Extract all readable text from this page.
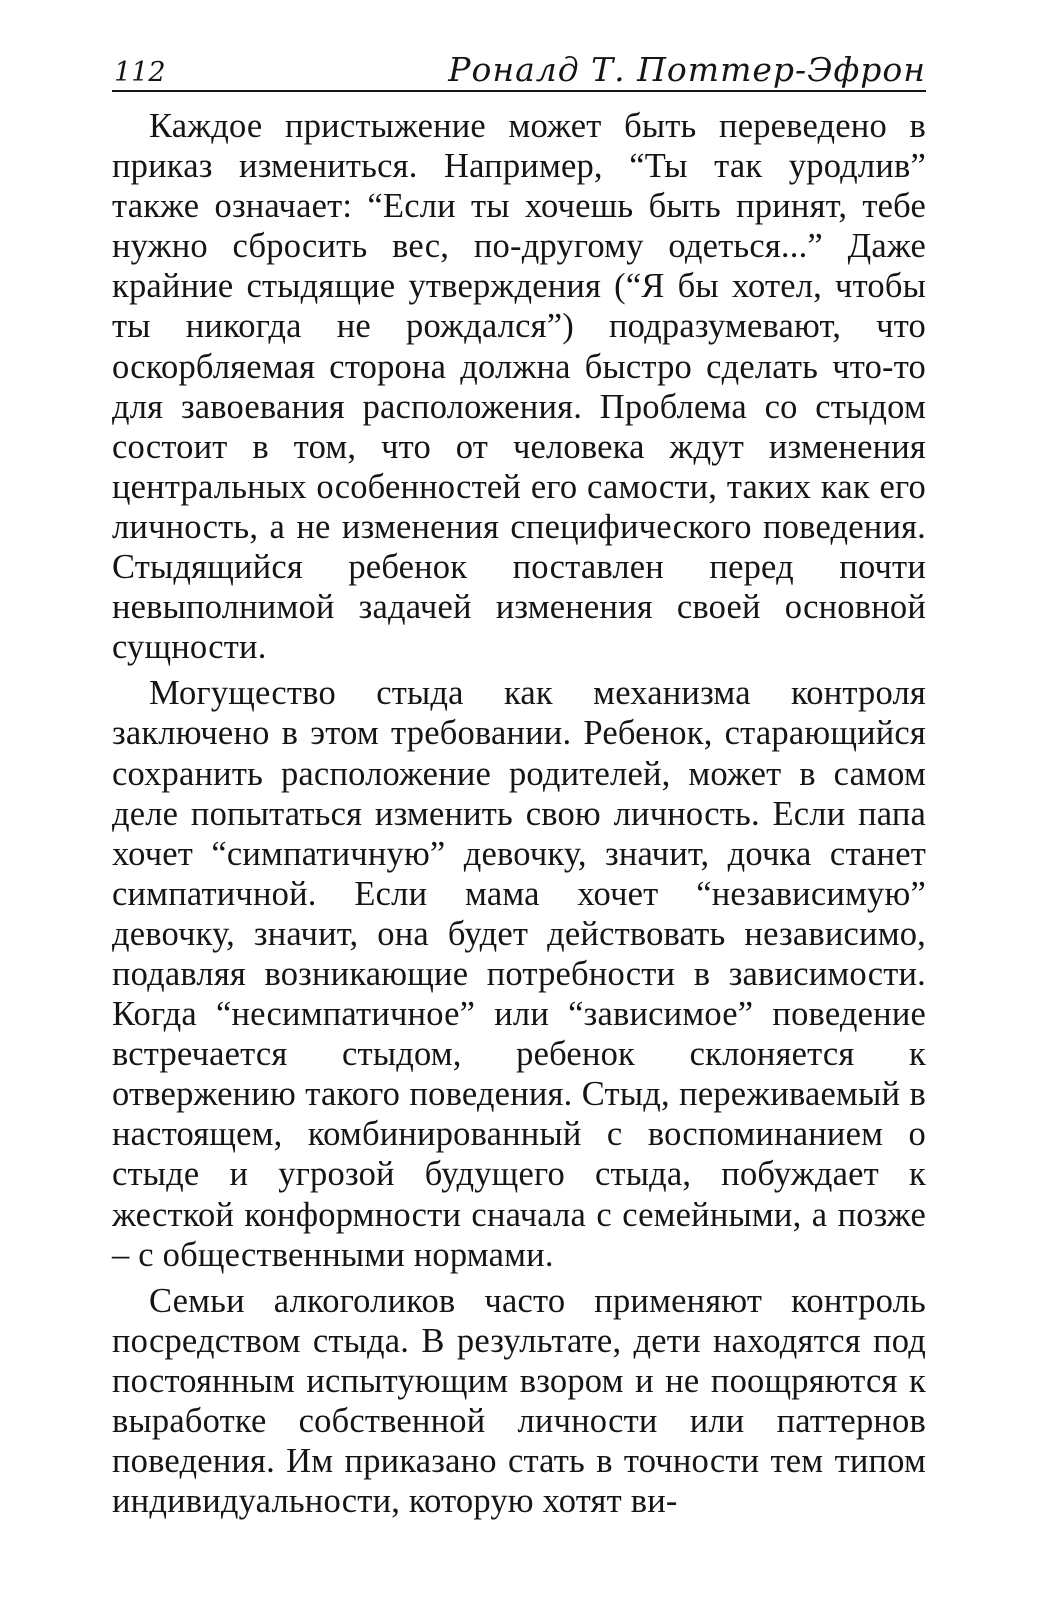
112	Роналд Т. Поттер-Эфрон

Каждое пристыжение может быть переведено в приказ измениться. Например, “Ты так уродлив” также означает: “Если ты хочешь быть принят, тебе нужно сбросить вес, по-другому одеться...” Даже крайние стыдящие утверждения (“Я бы хотел, чтобы ты никогда не рождался”) подразумевают, что оскорбляемая сторона должна быстро сделать что-то для завоевания расположения. Проблема со стыдом состоит в том, что от человека ждут изменения центральных особенностей его самости, таких как его личность, а не изменения специфического поведения. Стыдящийся ребенок поставлен перед почти невыполнимой задачей изменения своей основной сущности.

Могущество стыда как механизма контроля заключено в этом требовании. Ребенок, старающийся сохранить расположение родителей, может в самом деле попытаться изменить свою личность. Если папа хочет “симпатичную” девочку, значит, дочка станет симпатичной. Если мама хочет “независимую” девочку, значит, она будет действовать независимо, подавляя возникающие потребности в зависимости. Когда “несимпатичное” или “зависимое” поведение встречается стыдом, ребенок склоняется к отвержению такого поведения. Стыд, переживаемый в настоящем, комбинированный с воспоминанием о стыде и угрозой будущего стыда, побуждает к жесткой конформности сначала с семейными, а позже – с общественными нормами.

Семьи алкоголиков часто применяют контроль посредством стыда. В результате, дети находятся под постоянным испытующим взором и не поощряются к выработке собственной личности или паттернов поведения. Им приказано стать в точности тем типом индивидуальности, которую хотят ви-
